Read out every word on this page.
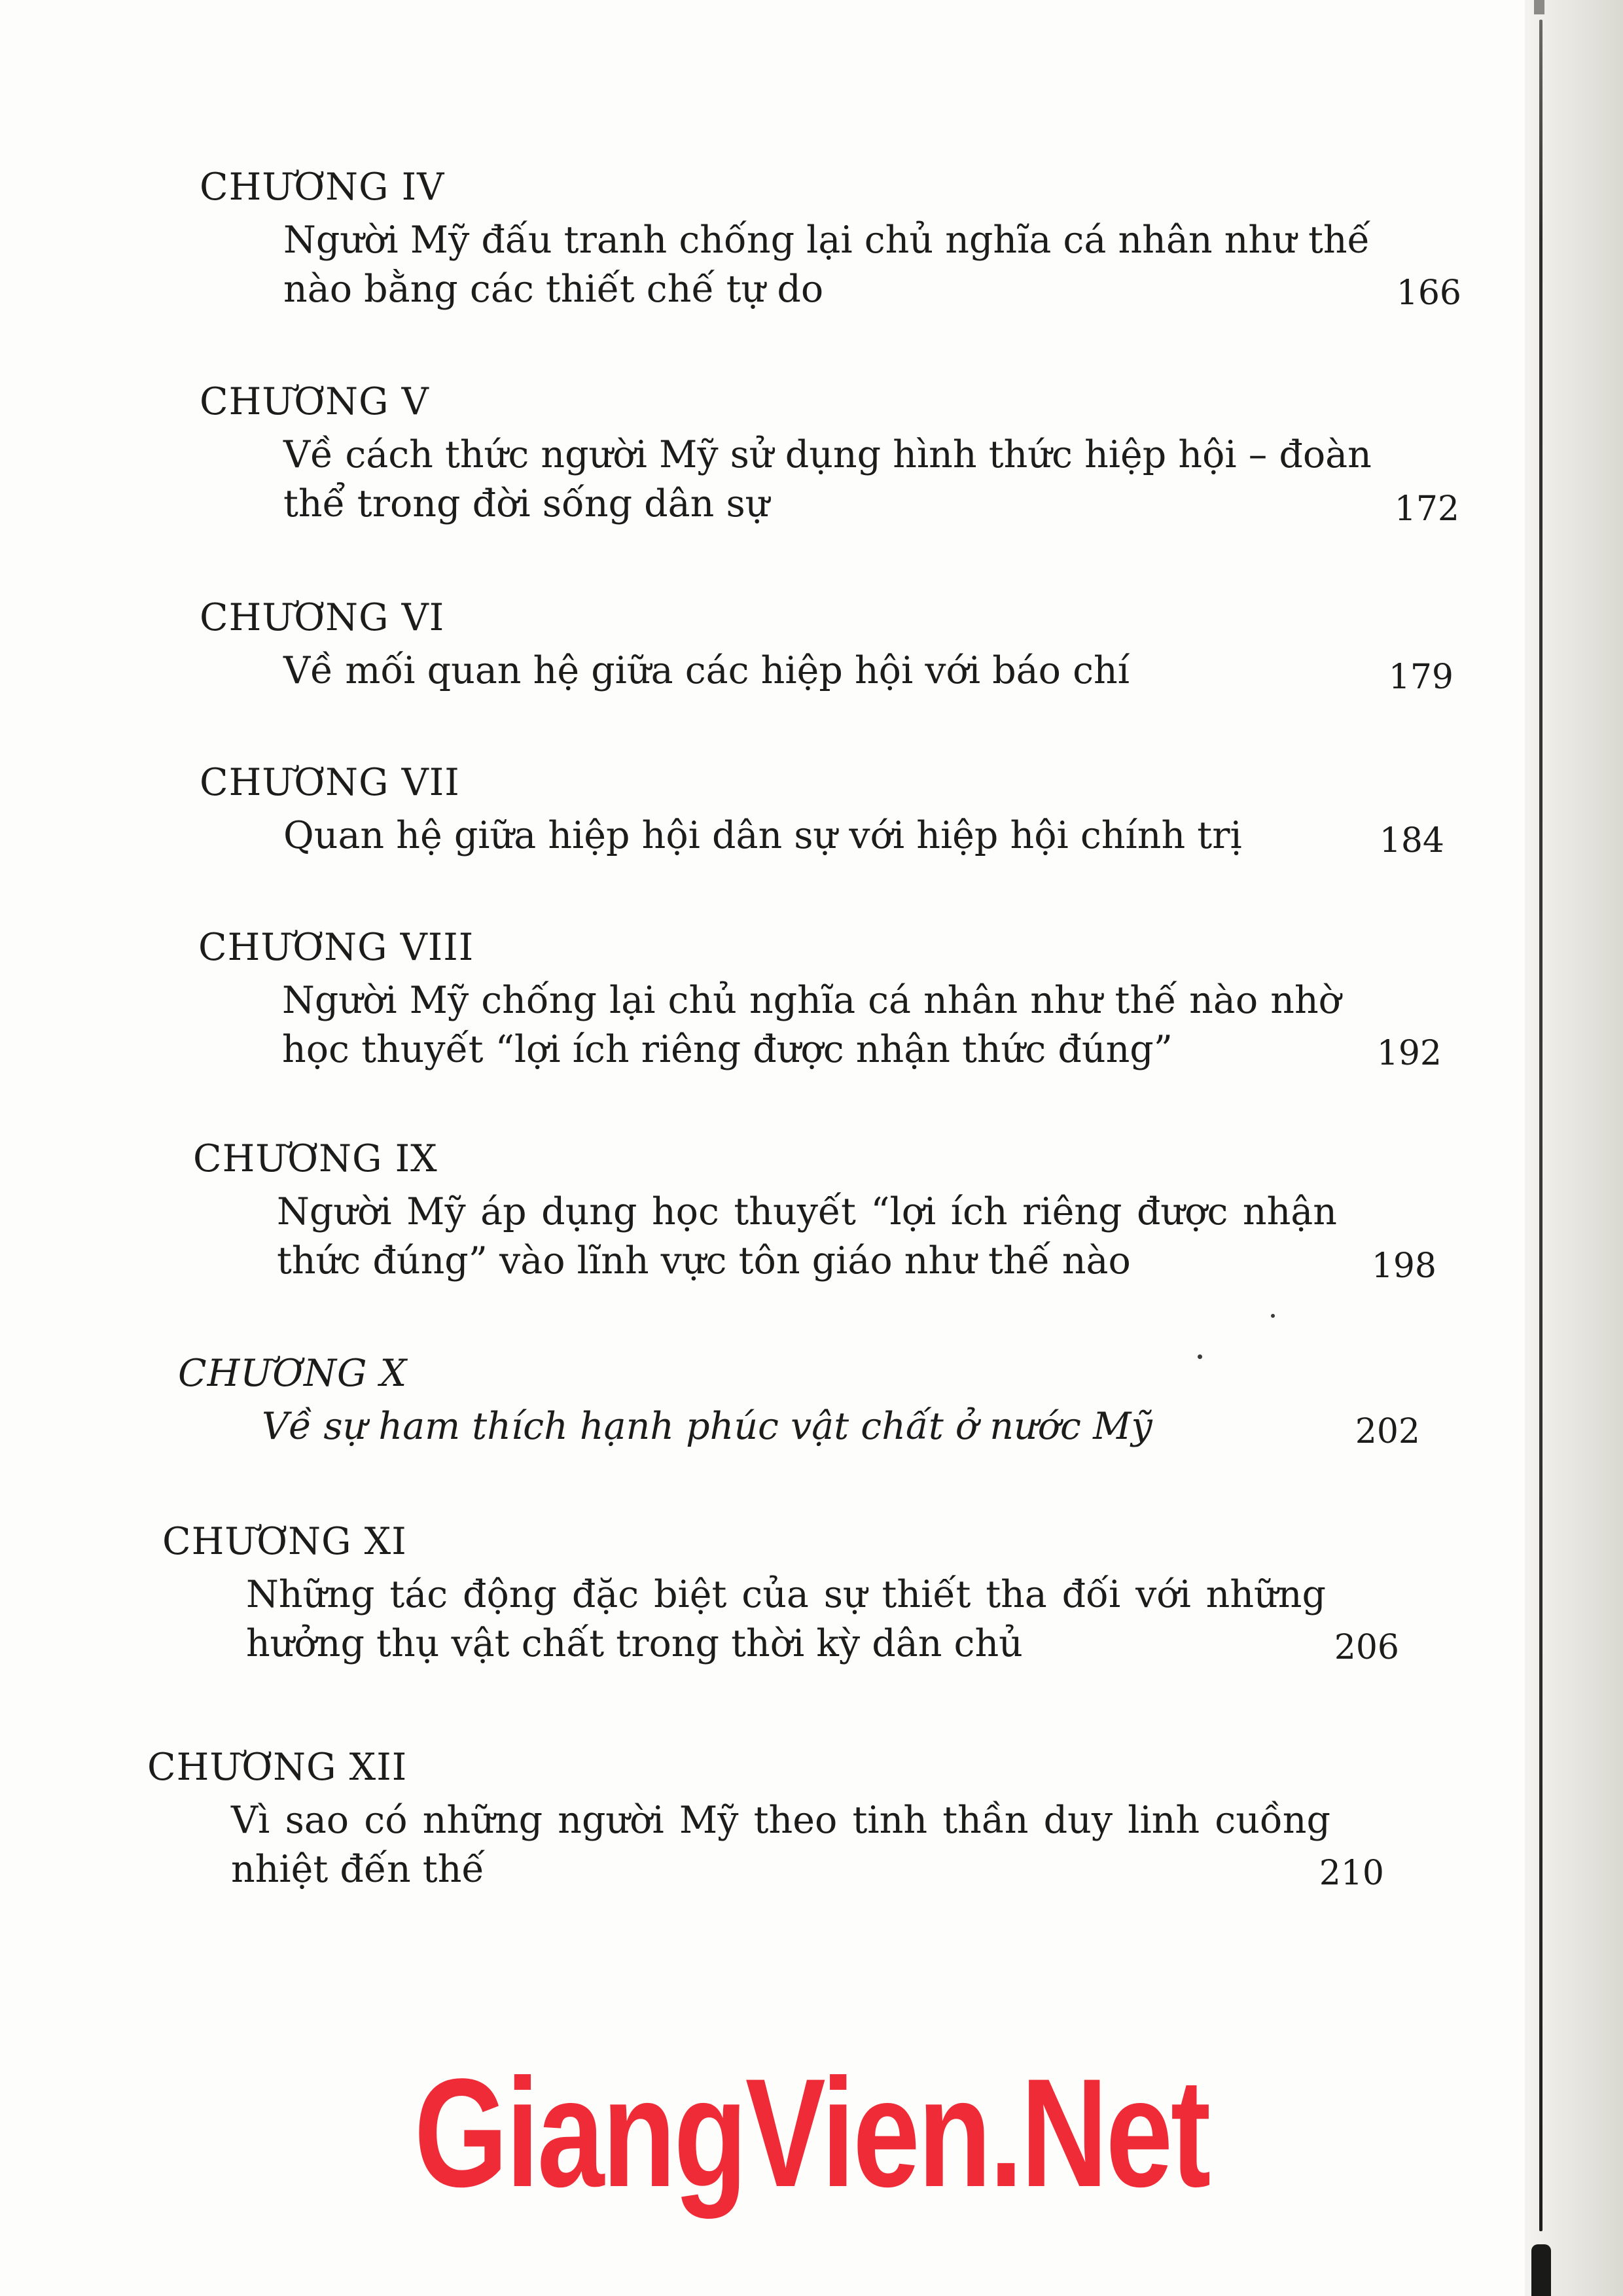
CHƯƠNG IV
Người Mỹ đấu tranh chống lại chủ nghĩa cá nhân như thế
nào bằng các thiết chế tự do	166
CHƯƠNG V
Về cách thức người Mỹ sử dụng hình thức hiệp hội – đoàn
thể trong đời sống dân sự	172
CHƯƠNG VI
Về mối quan hệ giữa các hiệp hội với báo chí	179
CHƯƠNG VII
Quan hệ giữa hiệp hội dân sự với hiệp hội chính trị	184
CHƯƠNG VIII
Người Mỹ chống lại chủ nghĩa cá nhân như thế nào nhờ
học thuyết “lợi ích riêng được nhận thức đúng”	192
CHƯƠNG IX
Người Mỹ áp dụng học thuyết “lợi ích riêng được nhận
thức đúng” vào lĩnh vực tôn giáo như thế nào	198
CHƯƠNG X
Về sự ham thích hạnh phúc vật chất ở nước Mỹ	202
CHƯƠNG XI
Những tác động đặc biệt của sự thiết tha đối với những
hưởng thụ vật chất trong thời kỳ dân chủ	206
CHƯƠNG XII
Vì sao có những người Mỹ theo tinh thần duy linh cuồng
nhiệt đến thế	210
GiangVien.Net
